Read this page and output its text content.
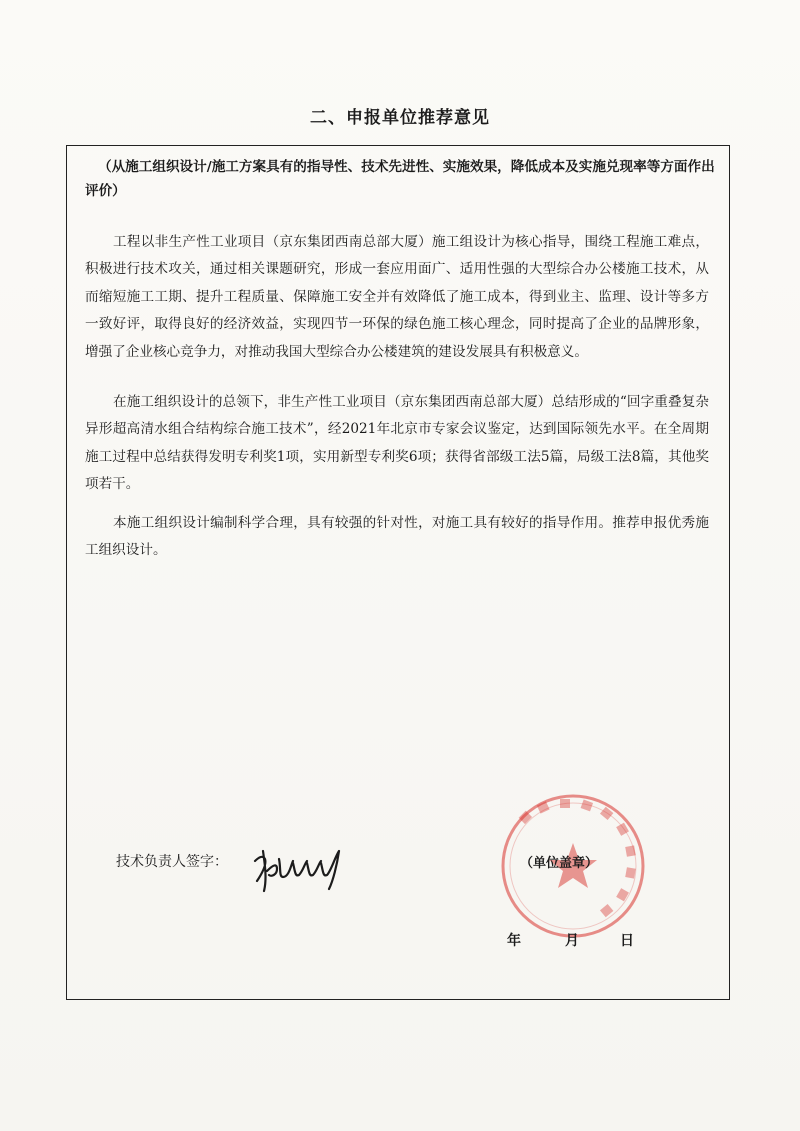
二、申报单位推荐意见

（从施工组织设计/施工方案具有的指导性、技术先进性、实施效果，降低成本及实施兑现率等方面作出评价）

工程以非生产性工业项目（京东集团西南总部大厦）施工组设计为核心指导，围绕工程施工难点，积极进行技术攻关，通过相关课题研究，形成一套应用面广、适用性强的大型综合办公楼施工技术，从而缩短施工工期、提升工程质量、保障施工安全并有效降低了施工成本，得到业主、监理、设计等多方一致好评，取得良好的经济效益，实现四节一环保的绿色施工核心理念，同时提高了企业的品牌形象，增强了企业核心竞争力，对推动我国大型综合办公楼建筑的建设发展具有积极意义。

在施工组织设计的总领下，非生产性工业项目（京东集团西南总部大厦）总结形成的“回字重叠复杂异形超高清水组合结构综合施工技术”，经2021年北京市专家会议鉴定，达到国际领先水平。在全周期施工过程中总结获得发明专利奖1项，实用新型专利奖6项；获得省部级工法5篇，局级工法8篇，其他奖项若干。

本施工组织设计编制科学合理，具有较强的针对性，对施工具有较好的指导作用。推荐申报优秀施工组织设计。

技术负责人签字：	（单位盖章）
年	月	日
